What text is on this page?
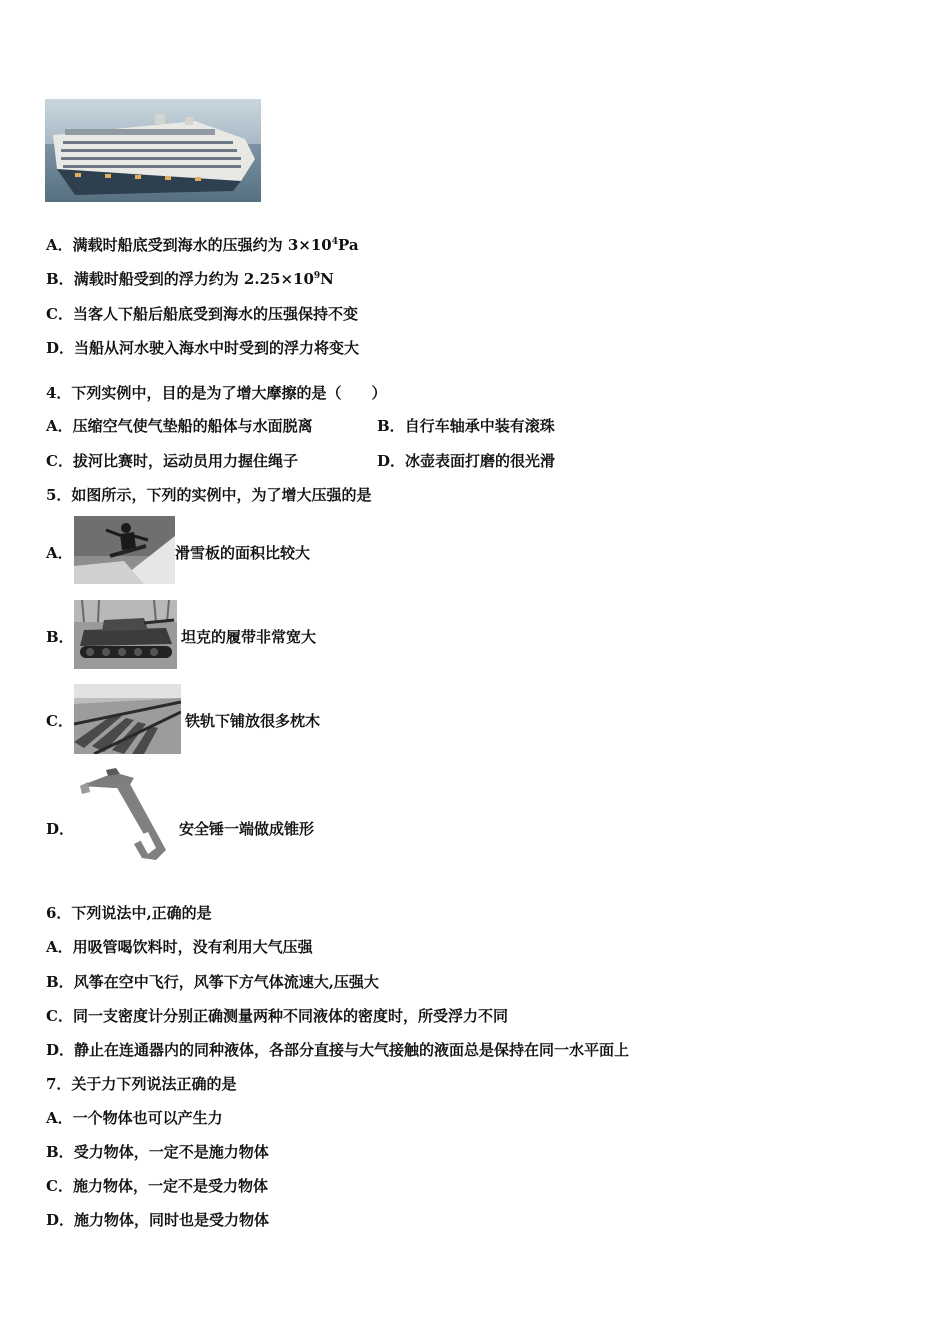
A．满载时船底受到海水的压强约为 $3\times 10^4Pa$
B．满载时船受到的浮力约为 $2.25\times 10^9N$
C．当客人下船后船底受到海水的压强保持不变
D．当船从河水驶入海水中时受到的浮力将变大
4．下列实例中，目的是为了增大摩擦的是（　　）
A．压缩空气使气垫船的船体与水面脱离	B．自行车轴承中装有滚珠
C．拔河比赛时，运动员用力握住绳子	D．冰壶表面打磨的很光滑
5．如图所示，下列的实例中，为了增大压强的是
A．	滑雪板的面积比较大
B．	坦克的履带非常宽大
C．	铁轨下铺放很多枕木
D．	安全锤一端做成锥形
6．下列说法中,正确的是
A．用吸管喝饮料时，没有利用大气压强
B．风筝在空中飞行，风筝下方气体流速大,压强大
C．同一支密度计分别正确测量两种不同液体的密度时，所受浮力不同
D．静止在连通器内的同种液体，各部分直接与大气接触的液面总是保持在同一水平面上
7．关于力下列说法正确的是
A．一个物体也可以产生力
B．受力物体，一定不是施力物体
C．施力物体，一定不是受力物体
D．施力物体，同时也是受力物体
